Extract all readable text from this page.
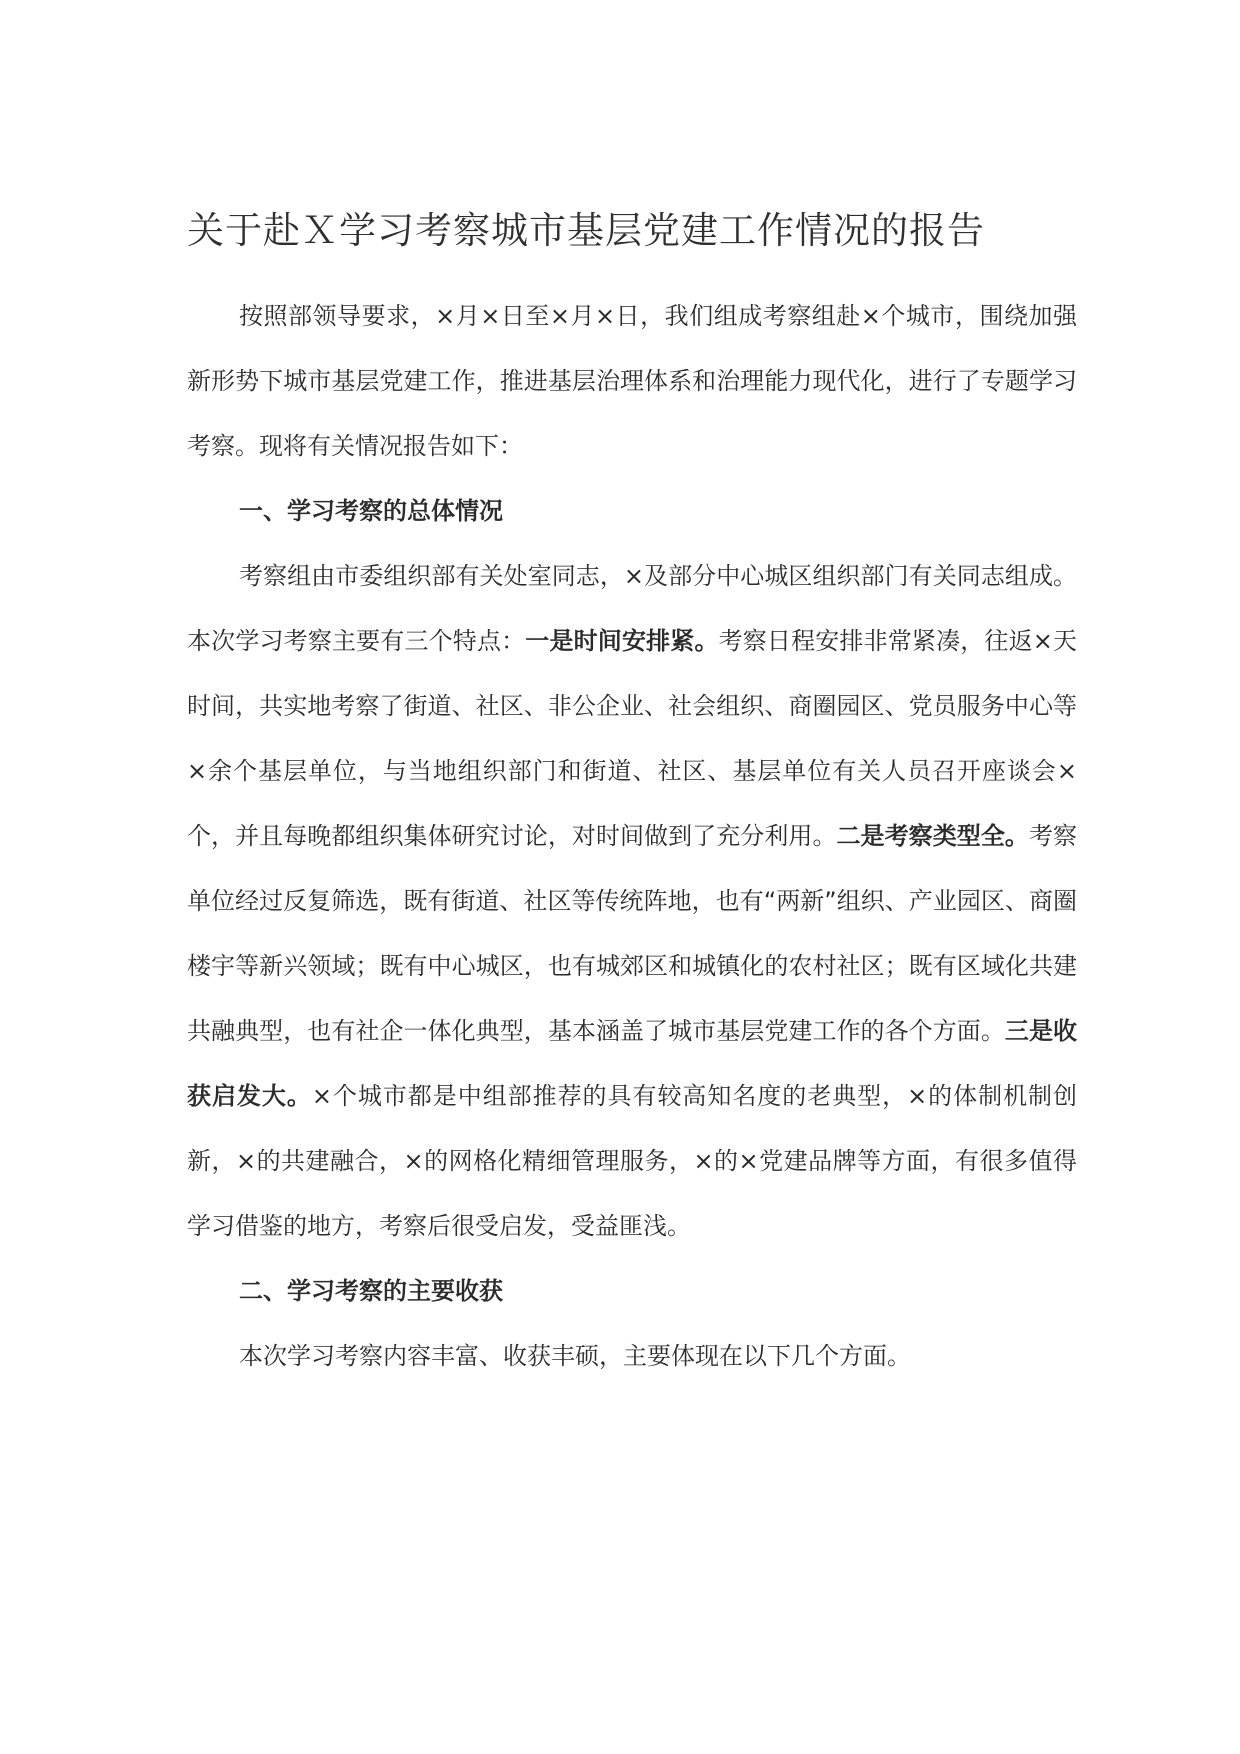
关于赴Ｘ学习考察城市基层党建工作情况的报告

按照部领导要求，×月×日至×月×日，我们组成考察组赴×个城市，围绕加强新形势下城市基层党建工作，推进基层治理体系和治理能力现代化，进行了专题学习考察。现将有关情况报告如下：

一、学习考察的总体情况

考察组由市委组织部有关处室同志，×及部分中心城区组织部门有关同志组成。本次学习考察主要有三个特点：一是时间安排紧。考察日程安排非常紧凑，往返×天时间，共实地考察了街道、社区、非公企业、社会组织、商圈园区、党员服务中心等×余个基层单位，与当地组织部门和街道、社区、基层单位有关人员召开座谈会×个，并且每晚都组织集体研究讨论，对时间做到了充分利用。二是考察类型全。考察单位经过反复筛选，既有街道、社区等传统阵地，也有“两新”组织、产业园区、商圈楼宇等新兴领域；既有中心城区，也有城郊区和城镇化的农村社区；既有区域化共建共融典型，也有社企一体化典型，基本涵盖了城市基层党建工作的各个方面。三是收获启发大。×个城市都是中组部推荐的具有较高知名度的老典型，×的体制机制创新，×的共建融合，×的网格化精细管理服务，×的×党建品牌等方面，有很多值得学习借鉴的地方，考察后很受启发，受益匪浅。

二、学习考察的主要收获

本次学习考察内容丰富、收获丰硕，主要体现在以下几个方面。
